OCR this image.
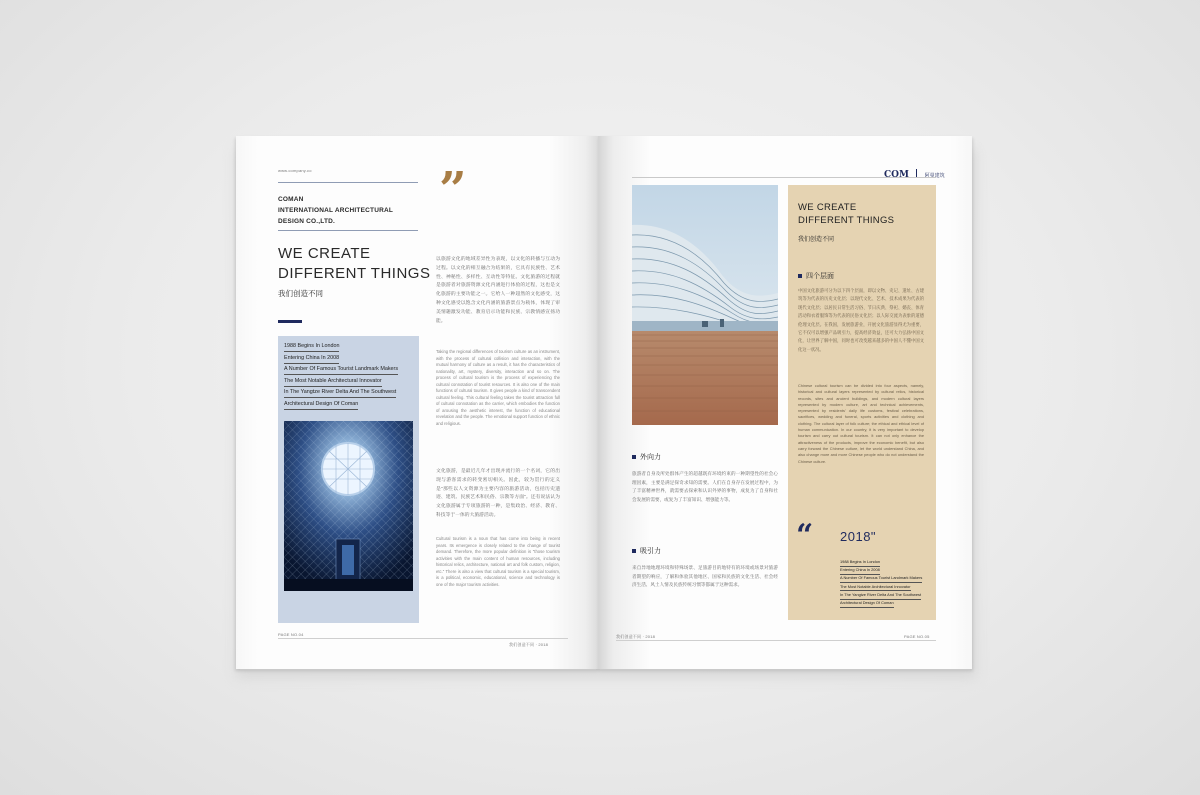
www.company.co
COMAN
INTERNATIONAL ARCHITECTURAL
DESIGN CO.,LTD.
”
WE CREATE
DIFFERENT THINGS
我们创造不同
1988 Begins In London
Entering China In 2008
A Number Of Famous Tourist Landmark Makers
The Most Notable Architectural Innovator
In The Yangtze River Delta And The Southwest
Architectural Design Of Coman
以旅游文化的地域差异性为表现，以文化的转播与互动为过程。以文化的相互融合为结果的，它具有民族性、艺术性、神秘性、多样性、互动性等特征。文化旅游的过程就是旅游者对旅游资源文化内涵进行体验的过程，这也是文化旅游的主要功能之一。它给人一种超然的文化感受，这种文化感受以饱含文化内涵的旅游景点为载体，体现了审美情趣激发功能、教育启示功能和民族、宗教情感宣扬功能。
Taking the regional differences of tourism culture as an instrument, with the process of cultural collision and interaction, with the mutual harmony of culture as a result, it has the characteristics of nationality, art, mystery, diversity, interaction and so on. The process of cultural tourism is the process of experiencing the cultural connotation of tourist resources. It is also one of the main functions of cultural tourism. It gives people a kind of transcendent cultural feeling. This cultural feeling takes the tourist attraction full of cultural connotation as the carrier, which embodies the function of arousing the aesthetic interest, the function of educational revelation and the people. The emotional support function of ethnic and religious.
文化旅游，是最近几年才出现并流行的一个名词，它的出现与游客需求的转变密切相关。因此，较为贯行的定义是“那些以人文资源为主要内容的旅游活动，包括历史遗迹、建筑、民族艺术和民俗、宗教等方面”。还有说法认为文化旅游属于专项旅游的一种，是集政治、经济、教育、科技等于一体的大旅游活动。
Cultural tourism is a noun that has come into being in recent years. Its emergence is closely related to the change of tourist demand. Therefore, the more popular definition is "those tourism activities with the main content of human resources, including historical relics, architecture, national art and folk custom, religion, etc." There is also a view that cultural tourism is a special tourism, is a political, economic, educational, science and technology is one of the major tourism activities.
PAGE NO.04
我们创造不同 · 2018
COM	阿曼建筑
WE CREATE
DIFFERENT THINGS
我们创造不同
四个层面
中国文化旅游可分为以下四个层面，即以文物、史记、遗址、古建筑等为代表的历史文化层；以现代文化、艺术、技术成果为代表的现代文化层；以居民日常生活习俗、节日庆典、祭祀、婚丧、体育活动和衣着服饰等为代表的民俗文化层；以人际交流为表象的道德伦理文化层。在我国，发展旅游业，开展文化旅游显得尤为重要，它不仅可以增强产品吸引力，提高经济效益，还可大力弘扬中国文化，让世界了解中国，同时也可改变越来越多的中国人不懂中国文化这一状况。
Chinese cultural tourism can be divided into four aspects, namely, historical and cultural layers represented by cultural relics, historical records, sites and ancient buildings, and modern cultural layers represented by modern culture, art and technical achievements, represented by residents' daily life customs, festival celebrations, sacrifices, wedding and funeral, sports activities and clothing and clothing. The cultural layer of folk culture; the ethical and ethical level of human communication. In our country, it is very important to develop tourism and carry out cultural tourism. It can not only enhance the attractiveness of the products, improve the economic benefit, but also carry forward the Chinese culture, let the world understand China, and also change more and more Chinese people who do not understand the Chinese culture.
“ 2018"
1988 Begins In London
Entering China In 2008
A Number Of Famous Tourist Landmark Makers
The Most Notable Architectural Innovator
In The Yangtze River Delta And The Southwest
Architectural Design Of Coman
外向力
旅游者自身及所处群体产生的超越既有环境约束的一种期望性的社会心理因素，主要是满足探奇求知的需要。人们在自身存在发展过程中，为了丰富精神世界，就需要去探索和认识外界的事物，成复为了自身和社会发展的需要，或复为了丰富知识、增强能力等。
吸引力
来自异地地理环境和特殊场景、足旅游目的地特有的环境或场景对旅游者期望的响应，了解和体验其他地区、国家和民族的文化生活、社会经济生活、风土人情及民族传统习惯等都属于这种需求。
我们创造不同 · 2018	PAGE NO.05
